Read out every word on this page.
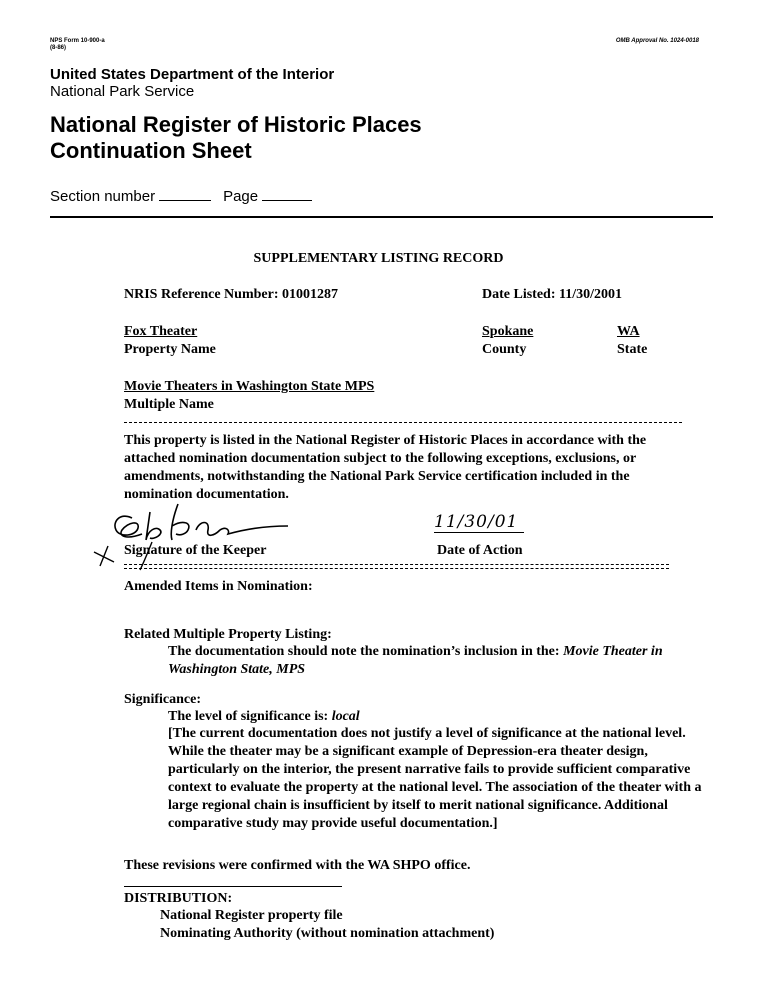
NPS Form 10-900-a
(8-86)
OMB Approval No. 1024-0018
United States Department of the Interior
National Park Service
National Register of Historic Places
Continuation Sheet
Section number	Page
SUPPLEMENTARY LISTING RECORD
NRIS Reference Number: 01001287	Date Listed: 11/30/2001
Fox Theater
Property Name
Spokane
County
WA
State
Movie Theaters in Washington State MPS
Multiple Name
This property is listed in the National Register of Historic Places in accordance with the attached nomination documentation subject to the following exceptions, exclusions, or amendments, notwithstanding the National Park Service certification included in the nomination documentation.
Signature of the Keeper
11/30/01
Date of Action
Amended Items in Nomination:
Related Multiple Property Listing:
The documentation should note the nomination’s inclusion in the: Movie Theater in Washington State, MPS
Significance:
The level of significance is: local
[The current documentation does not justify a level of significance at the national level. While the theater may be a significant example of Depression-era theater design, particularly on the interior, the present narrative fails to provide sufficient comparative context to evaluate the property at the national level. The association of the theater with a large regional chain is insufficient by itself to merit national significance. Additional comparative study may provide useful documentation.]
These revisions were confirmed with the WA SHPO office.
DISTRIBUTION:
National Register property file
Nominating Authority (without nomination attachment)
